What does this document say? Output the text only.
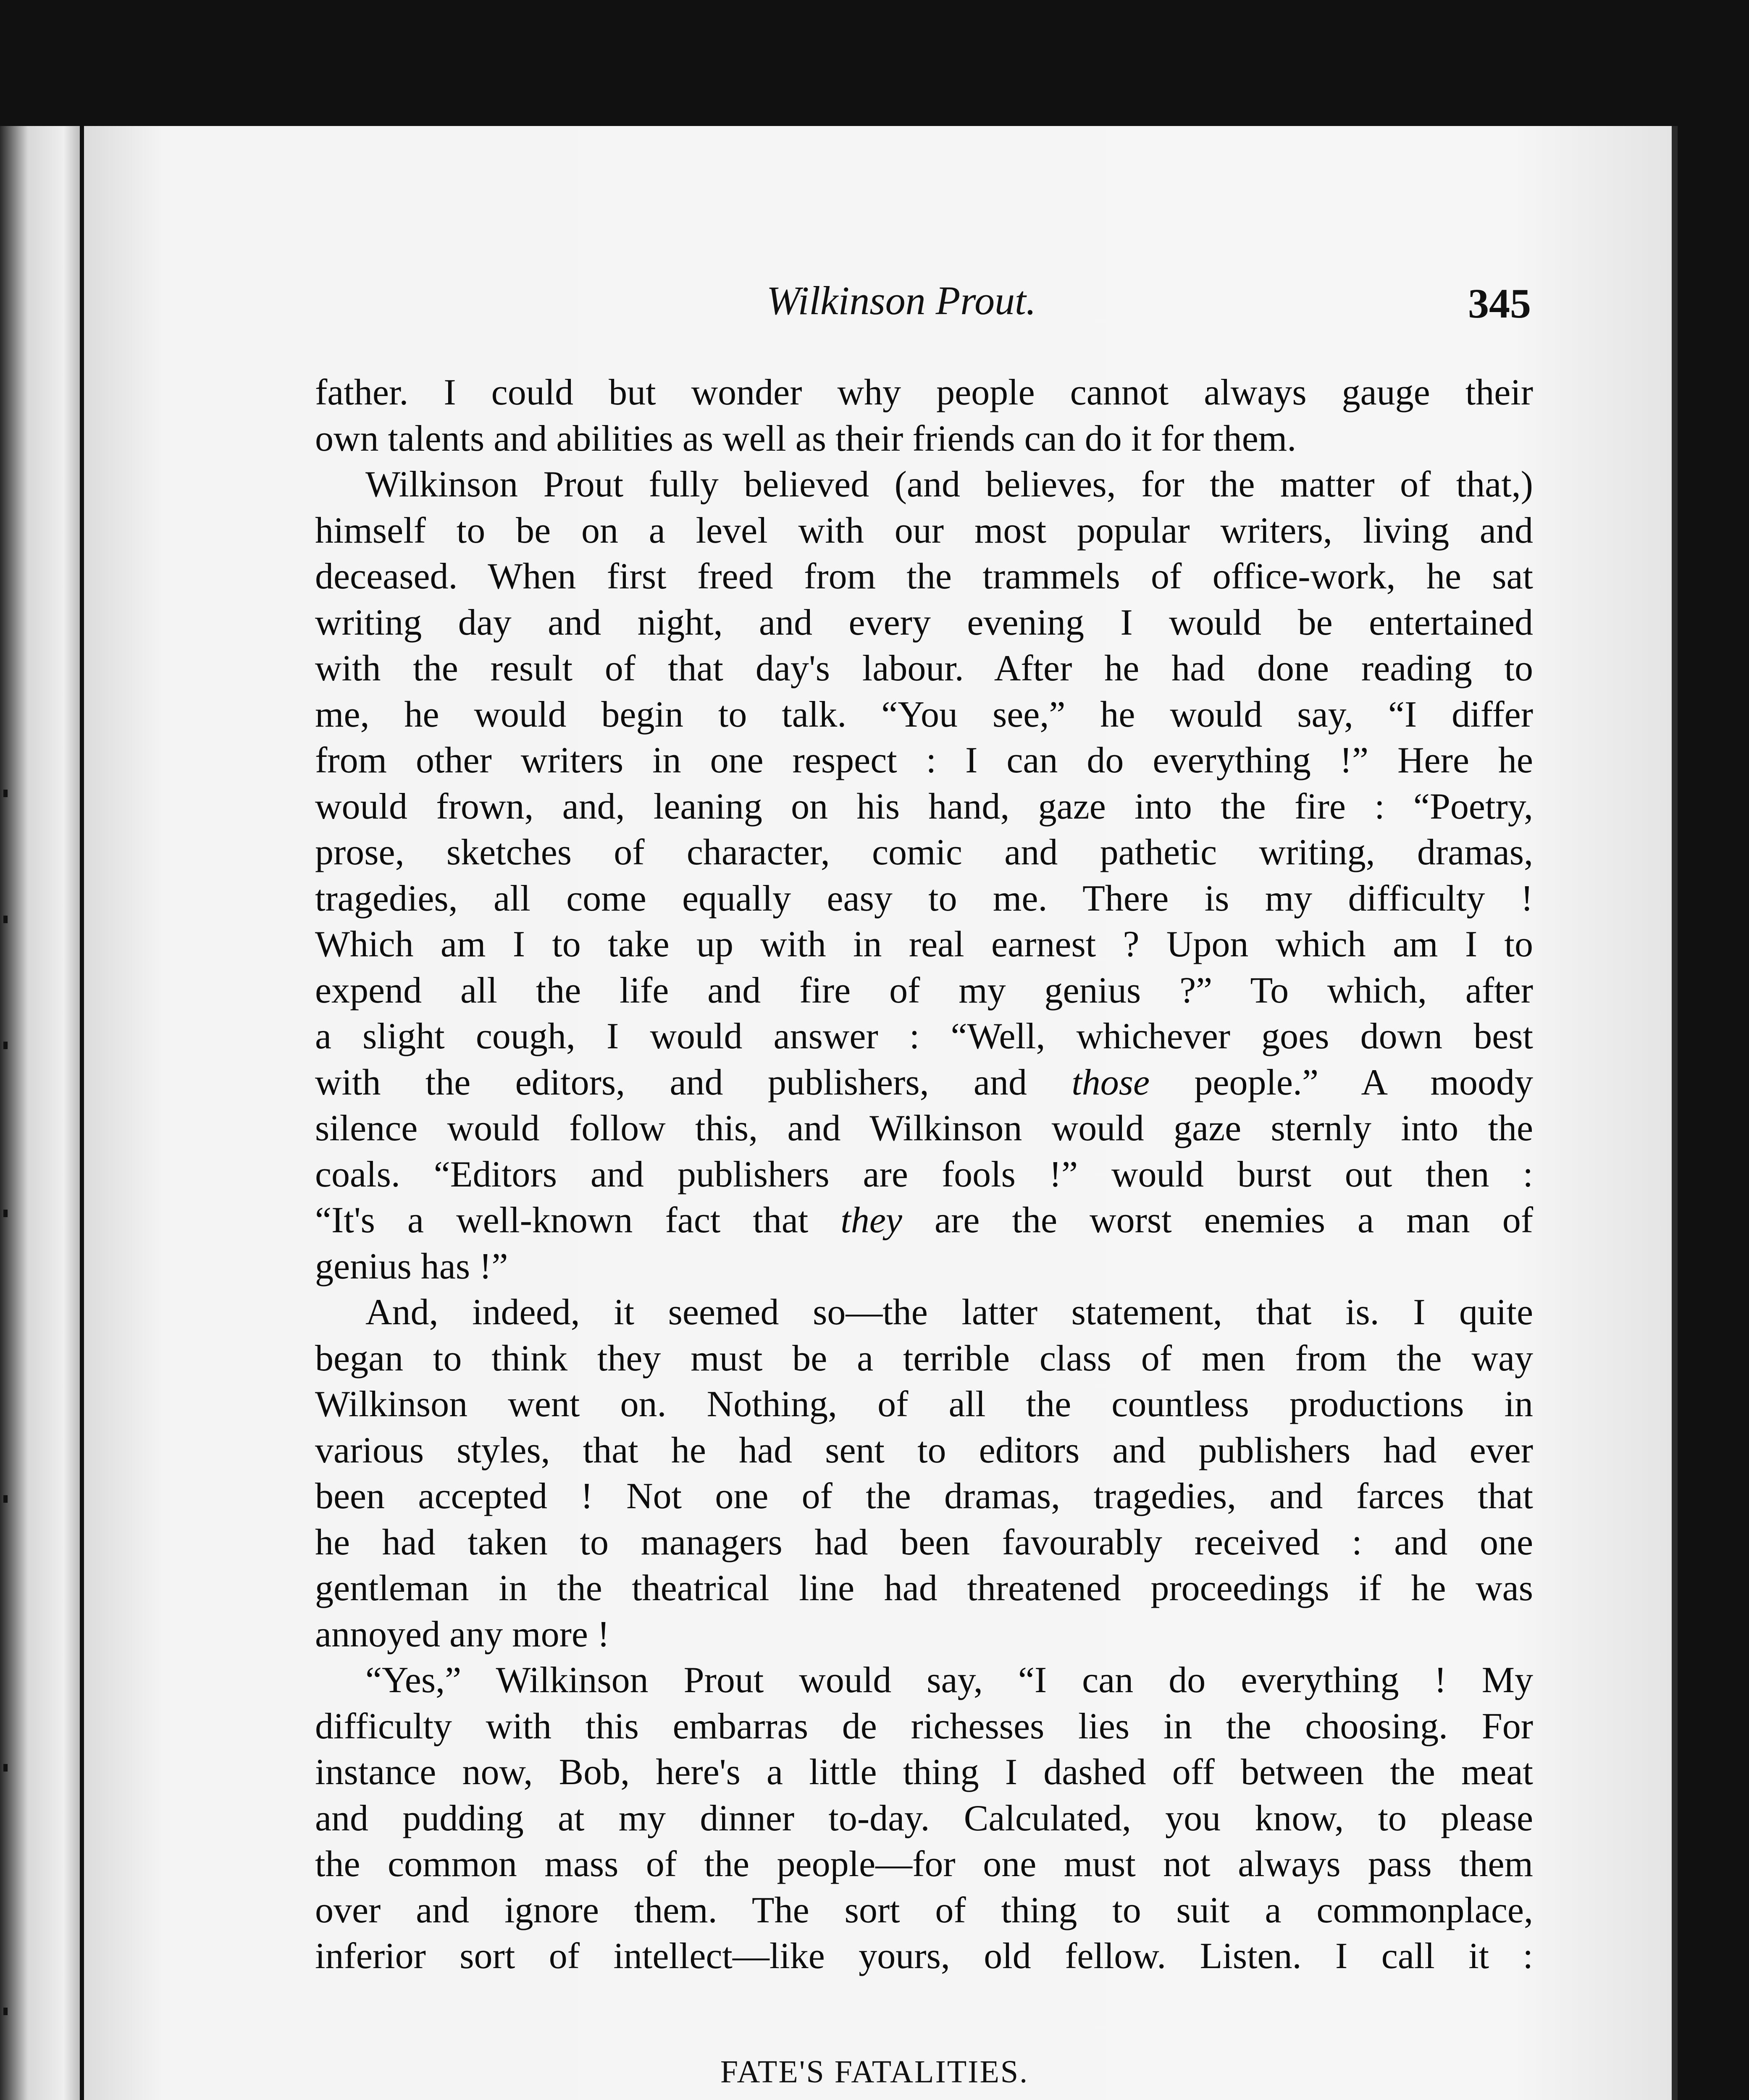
Wilkinson Prout.	345
father. I could but wonder why people cannot always gauge their
own talents and abilities as well as their friends can do it for them.
Wilkinson Prout fully believed (and believes, for the matter of that,)
himself to be on a level with our most popular writers, living and
deceased. When first freed from the trammels of office-work, he sat
writing day and night, and every evening I would be entertained
with the result of that day's labour. After he had done reading to
me, he would begin to talk. “You see,” he would say, “I differ
from other writers in one respect : I can do everything !” Here he
would frown, and, leaning on his hand, gaze into the fire : “Poetry,
prose, sketches of character, comic and pathetic writing, dramas,
tragedies, all come equally easy to me. There is my difficulty !
Which am I to take up with in real earnest ? Upon which am I to
expend all the life and fire of my genius ?” To which, after
a slight cough, I would answer : “Well, whichever goes down best
with the editors, and publishers, and those people.” A moody
silence would follow this, and Wilkinson would gaze sternly into the
coals. “Editors and publishers are fools !” would burst out then :
“It's a well-known fact that they are the worst enemies a man of
genius has !”
And, indeed, it seemed so—the latter statement, that is. I quite
began to think they must be a terrible class of men from the way
Wilkinson went on. Nothing, of all the countless productions in
various styles, that he had sent to editors and publishers had ever
been accepted ! Not one of the dramas, tragedies, and farces that
he had taken to managers had been favourably received : and one
gentleman in the theatrical line had threatened proceedings if he was
annoyed any more !
“Yes,” Wilkinson Prout would say, “I can do everything ! My
difficulty with this embarras de richesses lies in the choosing. For
instance now, Bob, here's a little thing I dashed off between the meat
and pudding at my dinner to-day. Calculated, you know, to please
the common mass of the people—for one must not always pass them
over and ignore them. The sort of thing to suit a commonplace,
inferior sort of intellect—like yours, old fellow. Listen. I call it :
FATE'S FATALITIES.
